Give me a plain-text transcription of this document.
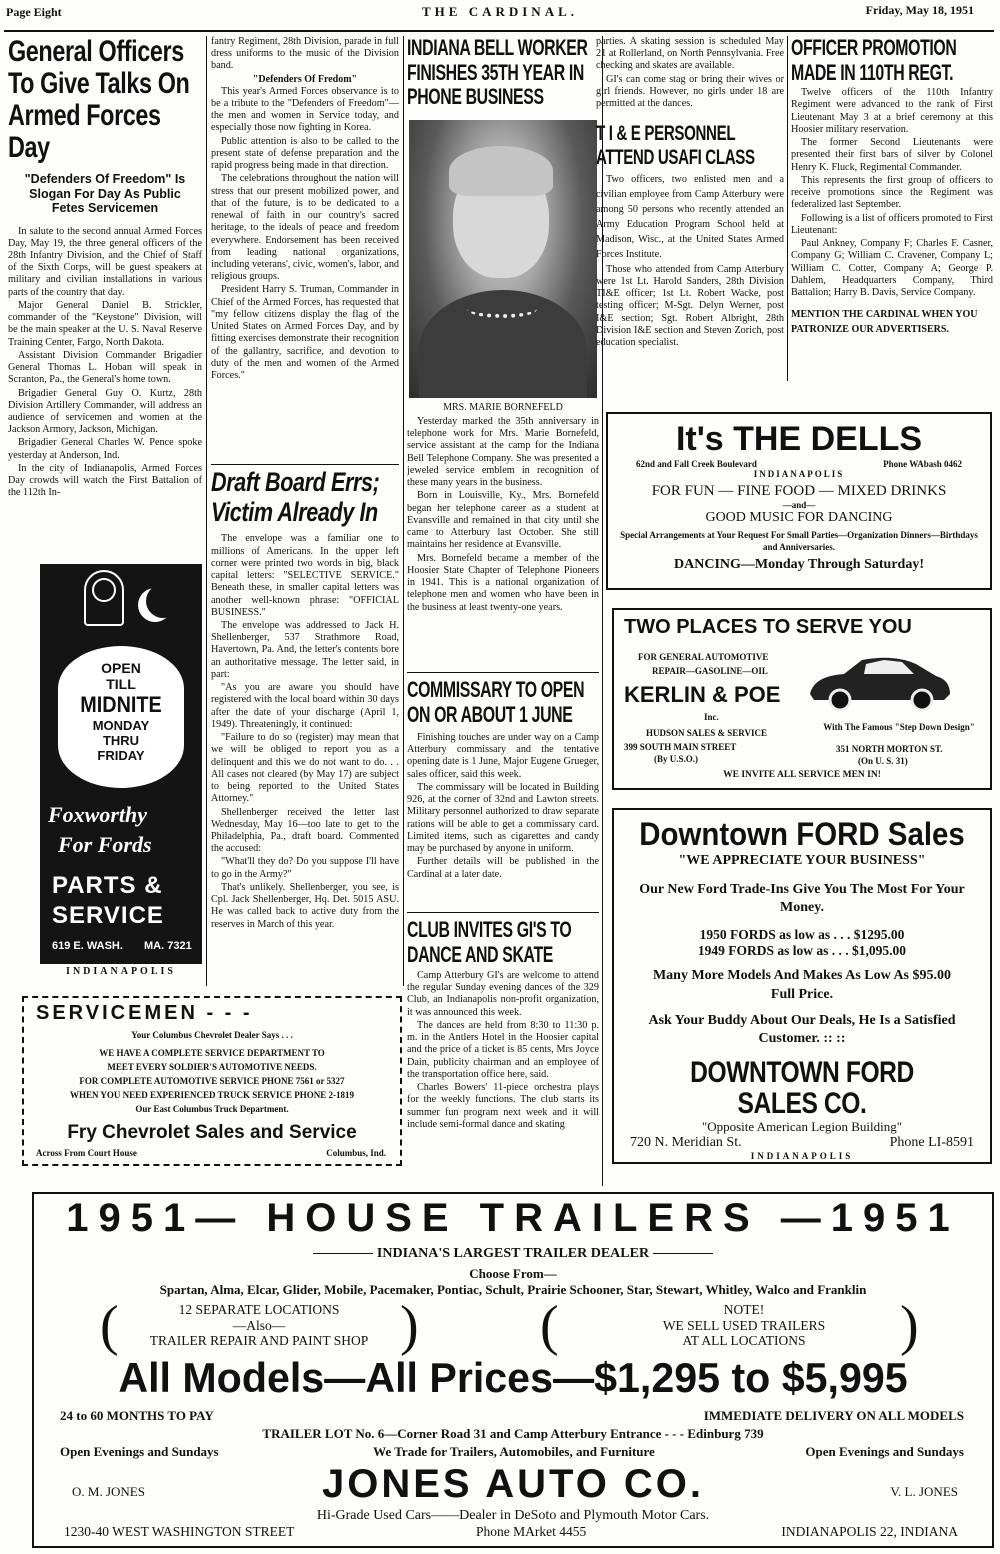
Page Eight	THE CARDINAL.	Friday, May 18, 1951
General Officers To Give Talks On Armed Forces Day
"Defenders Of Freedom" Is Slogan For Day As Public Fetes Servicemen

In salute to the second annual Armed Forces Day, May 19, the three general officers of the 28th Infantry Division, and the Chief of Staff of the Sixth Corps, will be guest speakers at military and civilian installations in various parts of the country that day.

Major General Daniel B. Strickler, commander of the "Keystone" Division, will be the main speaker at the U. S. Naval Reserve Training Center, Fargo, North Dakota.

Assistant Division Commander Brigadier General Thomas L. Hoban will speak in Scranton, Pa., the General's home town.

Brigadier General Guy O. Kurtz, 28th Division Artillery Commander, will address an audience of servicemen and women at the Jackson Armory, Jackson, Michigan.

Brigadier General Charles W. Pence spoke yesterday at Anderson, Ind.

In the city of Indianapolis, Armed Forces Day crowds will watch the First Battalion of the 112th In-

OPEN
TILL
MIDNITE
MONDAY
THRU
FRIDAY
Foxworthy
For Fords
PARTS &
SERVICE
619 E. WASH. MA. 7321
INDIANAPOLIS

fantry Regiment, 28th Division, parade in full dress uniforms to the music of the Division band.

"Defenders Of Fredom"

This year's Armed Forces observance is to be a tribute to the "Defenders of Freedom"—the men and women in Service today, and especially those now fighting in Korea.

Public attention is also to be called to the present state of defense preparation and the rapid progress being made in that direction.

The celebrations throughout the nation will stress that our present mobilized power, and that of the future, is to be dedicated to a renewal of faith in our country's sacred heritage, to the ideals of peace and freedom everywhere. Endorsement has been received from leading national organizations, including veterans', civic, women's, labor, and religious groups.

President Harry S. Truman, Commander in Chief of the Armed Forces, has requested that "my fellow citizens display the flag of the United States on Armed Forces Day, and by fitting exercises demonstrate their recognition of the gallantry, sacrifice, and devotion to duty of the men and women of the Armed Forces."

Draft Board Errs; Victim Already In

The envelope was a familiar one to millions of Americans. In the upper left corner were printed two words in big, black capital letters: "SELECTIVE SERVICE." Beneath these, in smaller capital letters was another well-known phrase: "OFFICIAL BUSINESS."

The envelope was addressed to Jack H. Shellenberger, 537 Strathmore Road, Havertown, Pa. And, the letter's contents bore an authoritative message. The letter said, in part:

"As you are aware you should have registered with the local board within 30 days after the date of your discharge (April 1, 1949). Threateningly, it continued:

"Failure to do so (register) may mean that we will be obliged to report you as a delinquent and this we do not want to do. . . All cases not cleared (by May 17) are subject to being reported to the United States Attorney."

Shellenberger received the letter last Wednesday, May 16—too late to get to the Philadelphia, Pa., draft board. Commented the accused:

"What'll they do? Do you suppose I'll have to go in the Army?"

That's unlikely. Shellenberger, you see, is Cpl. Jack Shellenberger, Hq. Det. 5015 ASU. He was called back to active duty from the reserves in March of this year.

INDIANA BELL WORKER FINISHES 35TH YEAR IN PHONE BUSINESS
MRS. MARIE BORNEFELD

Yesterday marked the 35th anniversary in telephone work for Mrs. Marie Bornefeld, service assistant at the camp for the Indiana Bell Telephone Company. She was presented a jeweled service emblem in recognition of these many years in the business.

Born in Louisville, Ky., Mrs. Bornefeld began her telephone career as a student at Evansville and remained in that city until she came to Atterbury last October. She still maintains her residence at Evansville.

Mrs. Bornefeld became a member of the Hoosier State Chapter of Telephone Pioneers in 1941. This is a national organization of telephone men and women who have been in the business at least twenty-one years.

COMMISSARY TO OPEN ON OR ABOUT 1 JUNE

Finishing touches are under way on a Camp Atterbury commissary and the tentative opening date is 1 June, Major Eugene Grueger, sales officer, said this week.

The commissary will be located in Building 926, at the corner of 32nd and Lawton streets. Military personnel authorized to draw separate rations will be able to get a commissary card. Limited items, such as cigarettes and candy may be purchased by anyone in uniform.

Further details will be published in the Cardinal at a later date.

CLUB INVITES GI'S TO DANCE AND SKATE

Camp Atterbury GI's are welcome to attend the regular Sunday evening dances of the 329 Club, an Indianapolis non-profit organization, it was announced this week.

The dances are held from 8:30 to 11:30 p. m. in the Antlers Hotel in the Hoosier capital and the price of a ticket is 85 cents, Mrs Joyce Dain, publicity chairman and an employee of the transportation office here, said.

Charles Bowers' 11-piece orchestra plays for the weekly functions. The club starts its summer fun program next week and it will include semi-formal dance and skating

parties. A skating session is scheduled May 21 at Rollerland, on North Pennsylvania. Free checking and skates are available.

GI's can come stag or bring their wives or girl friends. However, no girls under 18 are permitted at the dances.

T I & E PERSONNEL ATTEND USAFI CLASS

Two officers, two enlisted men and a civilian employee from Camp Atterbury were among 50 persons who recently attended an Army Education Program School held at Madison, Wisc., at the United States Armed Forces Institute.

Those who attended from Camp Atterbury were 1st Lt. Harold Sanders, 28th Division TI&E officer; 1st Lt. Robert Wacke, post testing officer; M-Sgt. Delyn Werner, post I&E section; Sgt. Robert Albright, 28th Division I&E section and Steven Zorich, post education specialist.

OFFICER PROMOTION MADE IN 110TH REGT.

Twelve officers of the 110th Infantry Regiment were advanced to the rank of First Lieutenant May 3 at a brief ceremony at this Hoosier military reservation.

The former Second Lieutenants were presented their first bars of silver by Colonel Henry K. Fluck, Regimental Commander.

This represents the first group of officers to receive promotions since the Regiment was federalized last September.

Following is a list of officers promoted to First Lieutenant:

Paul Ankney, Company F; Charles F. Casner, Company G; William C. Cravener, Company L; William C. Cotter, Company A; George P. Dahlem, Headquarters Company, Third Battalion; Harry B. Davis, Service Company.

MENTION THE CARDINAL WHEN YOU PATRONIZE OUR ADVERTISERS.
It's THE DELLS
62nd and Fall Creek Boulevard	Phone WAbash 0462
INDIANAPOLIS
FOR FUN — FINE FOOD — MIXED DRINKS
—and—
GOOD MUSIC FOR DANCING
Special Arrangements at Your Request For Small Parties—Organization Dinners—Birthdays and Anniversaries.
DANCING—Monday Through Saturday!
TWO PLACES TO SERVE YOU
FOR GENERAL AUTOMOTIVE
REPAIR—GASOLINE—OIL
KERLIN & POE
Inc.
With The Famous "Step Down Design"
HUDSON SALES & SERVICE
399 SOUTH MAIN STREET
(By U.S.O.)
351 NORTH MORTON ST.
(On U. S. 31)
WE INVITE ALL SERVICE MEN IN!
Downtown FORD Sales
"WE APPRECIATE YOUR BUSINESS"
Our New Ford Trade-Ins Give You The Most For Your Money.
1950 FORDS as low as . . . $1295.00
1949 FORDS as low as . . . $1,095.00
Many More Models And Makes As Low As $95.00 Full Price.
Ask Your Buddy About Our Deals, He Is a Satisfied Customer. :: ::
DOWNTOWN FORD SALES CO.
"Opposite American Legion Building"
720 N. Meridian St.	Phone LI-8591
INDIANAPOLIS
SERVICEMEN - - -
Your Columbus Chevrolet Dealer Says . . .
WE HAVE A COMPLETE SERVICE DEPARTMENT TO
MEET EVERY SOLDIER'S AUTOMOTIVE NEEDS.
FOR COMPLETE AUTOMOTIVE SERVICE PHONE 7561 or 5327
WHEN YOU NEED EXPERIENCED TRUCK SERVICE PHONE 2-1819
Our East Columbus Truck Department.
Fry Chevrolet Sales and Service
Across From Court House	Columbus, Ind.
1951— HOUSE TRAILERS —1951
INDIANA'S LARGEST TRAILER DEALER
Choose From—
Spartan, Alma, Elcar, Glider, Mobile, Pacemaker, Pontiac, Schult, Prairie Schooner, Star, Stewart, Whitley, Walco and Franklin
(	12 SEPARATE LOCATIONS
—Also—
TRAILER REPAIR AND PAINT SHOP ) (	NOTE!
WE SELL USED TRAILERS
AT ALL LOCATIONS	)
All Models—All Prices—$1,295 to $5,995
24 to 60 MONTHS TO PAY	IMMEDIATE DELIVERY ON ALL MODELS
TRAILER LOT No. 6—Corner Road 31 and Camp Atterbury Entrance - - - Edinburg 739
Open Evenings and Sundays	We Trade for Trailers, Automobiles, and Furniture	Open Evenings and Sundays
O. M. JONES	JONES AUTO CO.	V. L. JONES
Hi-Grade Used Cars——Dealer in DeSoto and Plymouth Motor Cars.
1230-40 WEST WASHINGTON STREET	Phone MArket 4455	INDIANAPOLIS 22, INDIANA
